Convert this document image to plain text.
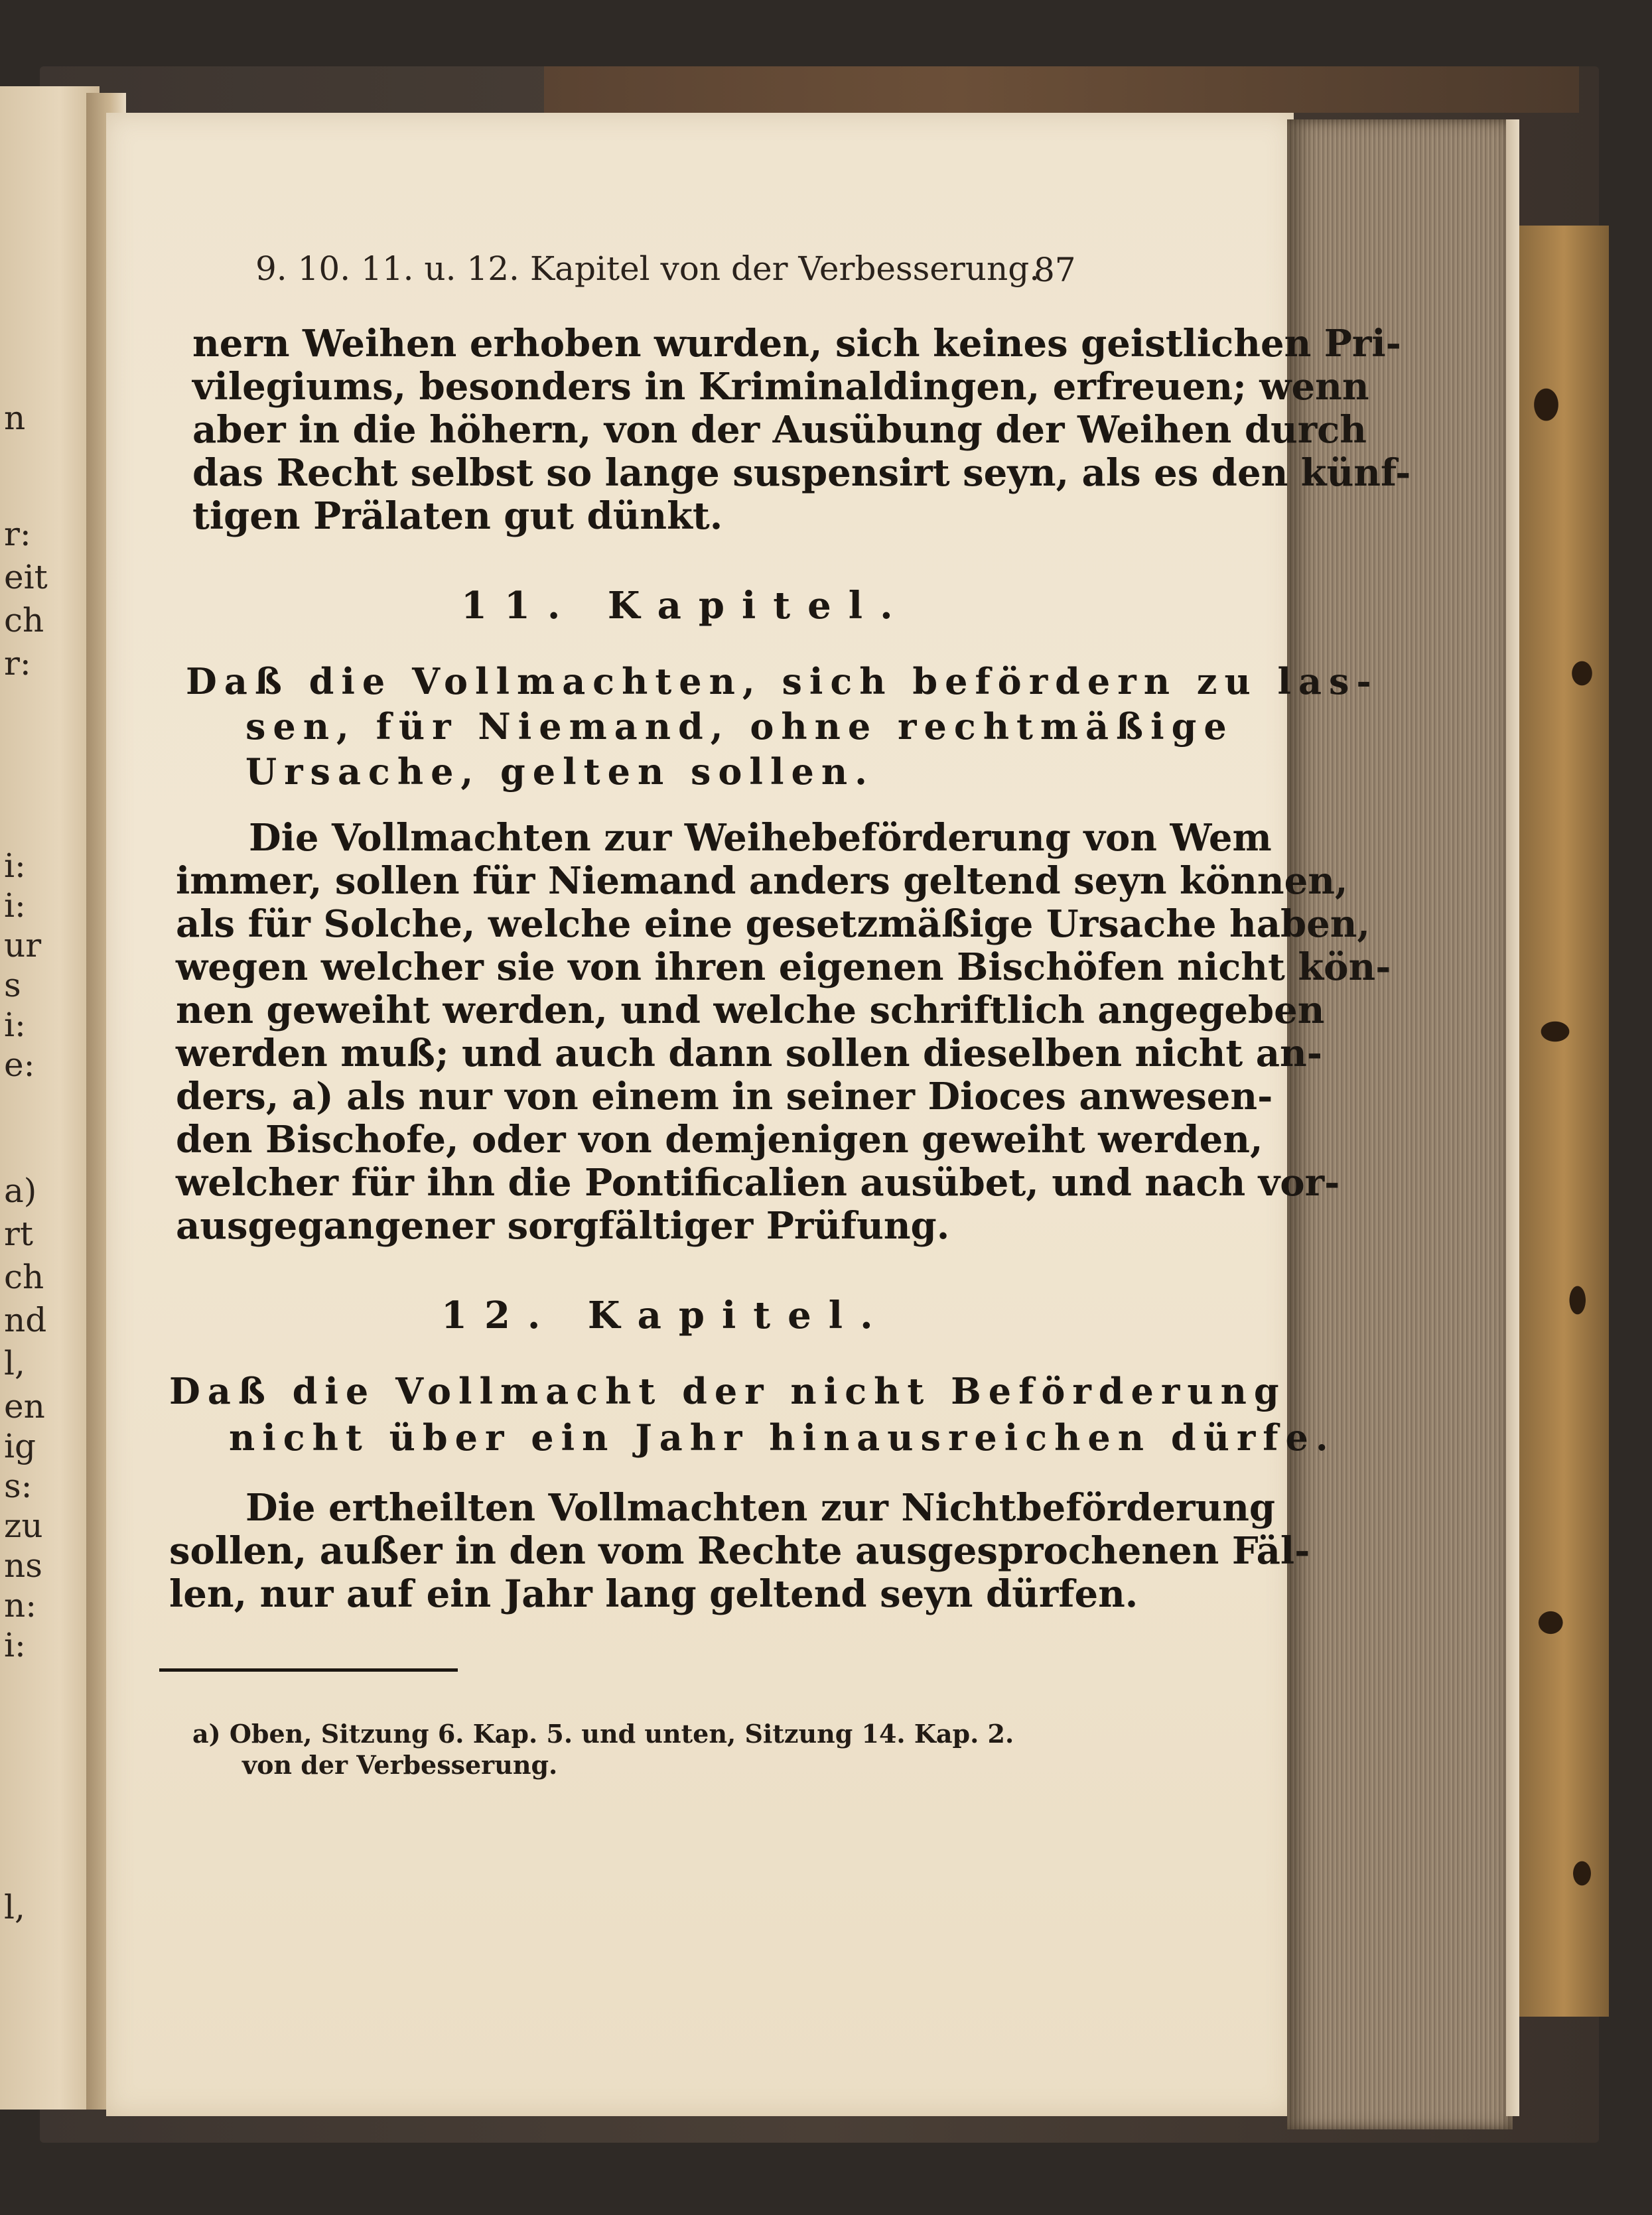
n
r:
eit
ch
r:
i:
i:
ur
s
i:
e:
a)
rt
ch
nd
l,
en
ig
s:
zu
ns
n:
i:
l,
9. 10. 11. u. 12. Kapitel von der Verbesserung.
87
nern Weihen erhoben wurden, sich keines geistlichen Pri-
vilegiums, besonders in Kriminaldingen, erfreuen; wenn
aber in die höhern, von der Ausübung der Weihen durch
das Recht selbst so lange suspensirt seyn, als es den künf-
tigen Prälaten gut dünkt.
11. Kapitel.
Daß die Vollmachten, sich befördern zu las-
sen, für Niemand, ohne rechtmäßige
Ursache, gelten sollen.
Die Vollmachten zur Weihebeförderung von Wem
immer, sollen für Niemand anders geltend seyn können,
als für Solche, welche eine gesetzmäßige Ursache haben,
wegen welcher sie von ihren eigenen Bischöfen nicht kön-
nen geweiht werden, und welche schriftlich angegeben
werden muß; und auch dann sollen dieselben nicht an-
ders, a) als nur von einem in seiner Dioces anwesen-
den Bischofe, oder von demjenigen geweiht werden,
welcher für ihn die Pontificalien ausübet, und nach vor-
ausgegangener sorgfältiger Prüfung.
12. Kapitel.
Daß die Vollmacht der nicht Beförderung
nicht über ein Jahr hinausreichen dürfe.
Die ertheilten Vollmachten zur Nichtbeförderung
sollen, außer in den vom Rechte ausgesprochenen Fäl-
len, nur auf ein Jahr lang geltend seyn dürfen.
a) Oben, Sitzung 6. Kap. 5. und unten, Sitzung 14. Kap. 2.
von der Verbesserung.
